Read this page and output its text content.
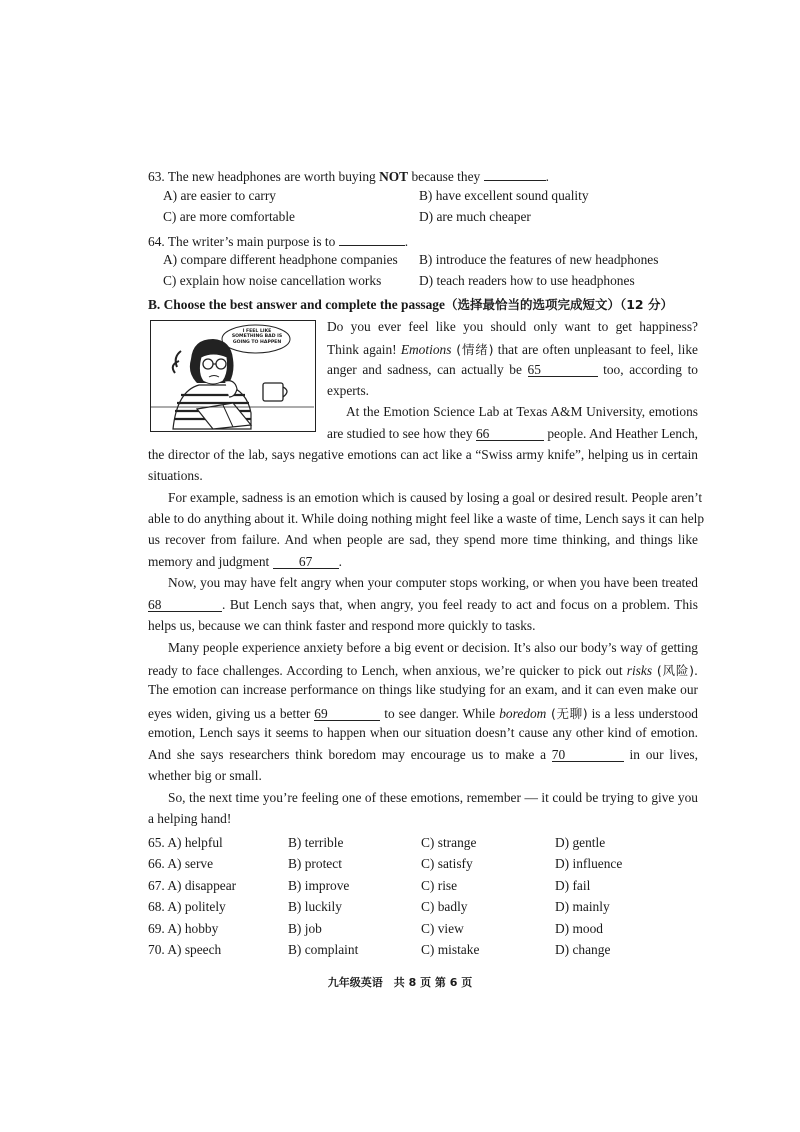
63. The new headphones are worth buying NOT because they	.
A) are easier to carry	B) have excellent sound quality
C) are more comfortable	D) are much cheaper
64. The writer’s main purpose is to	.
A) compare different headphone companies B) introduce the features of new headphones
C) explain how noise cancellation works	D) teach readers how to use headphones
B. Choose the best answer and complete the passage（选择最恰当的选项完成短文）（12 分）
I FEEL LIKE SOMETHING BAD IS GOING TO HAPPEN
Do you ever feel like you should only want to get happiness?
Think again! Emotions (情绪) that are often unpleasant to feel, like
anger and sadness, can actually be 65	too, according to
experts.
At the Emotion Science Lab at Texas A&M University, emotions
are studied to see how they 66	people. And Heather Lench,
the director of the lab, says negative emotions can act like a “Swiss army knife”, helping us in certain
situations.
For example, sadness is an emotion which is caused by losing a goal or desired result. People aren’t
able to do anything about it. While doing nothing might feel like a waste of time, Lench says it can help
us recover from failure. And when people are sad, they spend more time thinking, and things like
memory and judgment 67 .
Now, you may have felt angry when your computer stops working, or when you have been treated
68	. But Lench says that, when angry, you feel ready to act and focus on a problem. This
helps us, because we can think faster and respond more quickly to tasks.
Many people experience anxiety before a big event or decision. It’s also our body’s way of getting
ready to face challenges. According to Lench, when anxious, we’re quicker to pick out risks (风险).
The emotion can increase performance on things like studying for an exam, and it can even make our
eyes widen, giving us a better 69	to see danger. While boredom (无聊) is a less understood
emotion, Lench says it seems to happen when our situation doesn’t cause any other kind of emotion.
And she says researchers think boredom may encourage us to make a 70	in our lives,
whether big or small.
So, the next time you’re feeling one of these emotions, remember — it could be trying to give you
a helping hand!
65. A) helpful	B) terrible	C) strange	D) gentle
66. A) serve	B) protect	C) satisfy	D) influence
67. A) disappear	B) improve	C) rise	D) fail
68. A) politely	B) luckily	C) badly	D) mainly
69. A) hobby	B) job	C) view	D) mood
70. A) speech	B) complaint	C) mistake	D) change
九年级英语　共 8 页 第 6 页
